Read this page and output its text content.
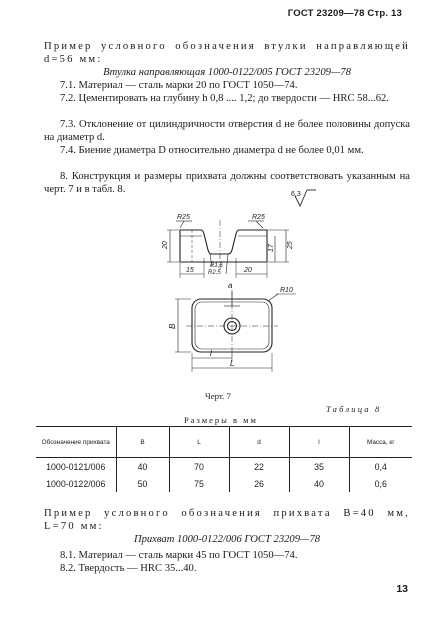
ГОСТ 23209—78 Стр. 13
Пример условного обозначения втулки направляющей d=56 мм:
Втулка направляющая 1000-0122/005 ГОСТ 23209—78
7.1. Материал — сталь марки 20 по ГОСТ 1050—74.
7.2. Цементировать на глубину h 0,8 .... 1,2; до твердости — HRC 58...62.
7.3. Отклонение от цилиндричности отверстия d не более половины допуска на диаметр d.
7.4. Биение диаметра D относительно диаметра d не более 0,01 мм.
8. Конструкция и размеры прихвата должны соответствовать указанным на черт. 7 и в табл. 8.	6,3
R25	R25
R1,6
R2,5
20	17 25
15	20
a
R10
B
l
L
Черт. 7
Таблица 8
Размеры в мм
Обозначение прихвата	B	L	d	l	Масса, кг
1000-0121/006	40	70	22	35	0,4
1000-0122/006	50	75	26	40	0,6
Пример условного обозначения прихвата B=40 мм, L=70 мм:
Прихват 1000-0122/006 ГОСТ 23209—78
8.1. Материал — сталь марки 45 по ГОСТ 1050—74.
8.2. Твердость — HRC 35...40.
13
